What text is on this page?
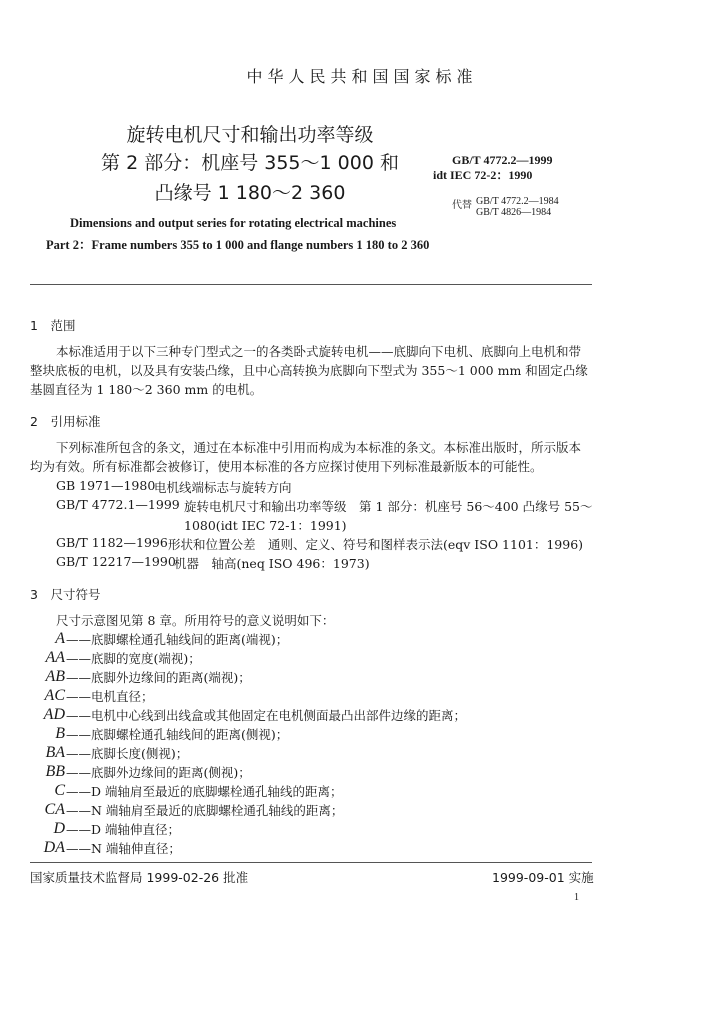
中华人民共和国国家标准
旋转电机尺寸和输出功率等级
第 2 部分：机座号 355～1 000 和
凸缘号 1 180～2 360
GB/T 4772.2—1999
idt IEC 72-2：1990
代替 GB/T 4772.2—1984
GB/T 4826—1984
Dimensions and output series for rotating electrical machines
Part 2：Frame numbers 355 to 1 000 and flange numbers 1 180 to 2 360
1　范围

本标准适用于以下三种专门型式之一的各类卧式旋转电机——底脚向下电机、底脚向上电机和带整块底板的电机，以及具有安装凸缘，且中心高转换为底脚向下型式为 355～1 000 mm 和固定凸缘基圆直径为 1 180～2 360 mm 的电机。

2　引用标准

下列标准所包含的条文，通过在本标准中引用而构成为本标准的条文。本标准出版时，所示版本均为有效。所有标准都会被修订，使用本标准的各方应探讨使用下列标准最新版本的可能性。

GB 1971—1980
电机线端标志与旋转方向
GB/T 4772.1—1999 旋转电机尺寸和输出功率等级　第 1 部分：机座号 56～400 凸缘号 55～
1080(idt IEC 72-1：1991)
GB/T 1182—1996 形状和位置公差　通则、定义、符号和图样表示法(eqv ISO 1101：1996)
GB/T 12217—1990
机器　轴高(neq ISO 496：1973)
3　尺寸符号
尺寸示意图见第 8 章。所用符号的意义说明如下：
A ——底脚螺栓通孔轴线间的距离(端视)；
AA ——底脚的宽度(端视)；
AB ——底脚外边缘间的距离(端视)；
AC ——电机直径；
AD ——电机中心线到出线盒或其他固定在电机侧面最凸出部件边缘的距离；
B ——底脚螺栓通孔轴线间的距离(侧视)；
BA ——底脚长度(侧视)；
BB ——底脚外边缘间的距离(侧视)；
C ——D 端轴肩至最近的底脚螺栓通孔轴线的距离；
CA ——N 端轴肩至最近的底脚螺栓通孔轴线的距离；
D ——D 端轴伸直径；
DA ——N 端轴伸直径；
国家质量技术监督局 1999-02-26 批准	1999-09-01 实施
1
